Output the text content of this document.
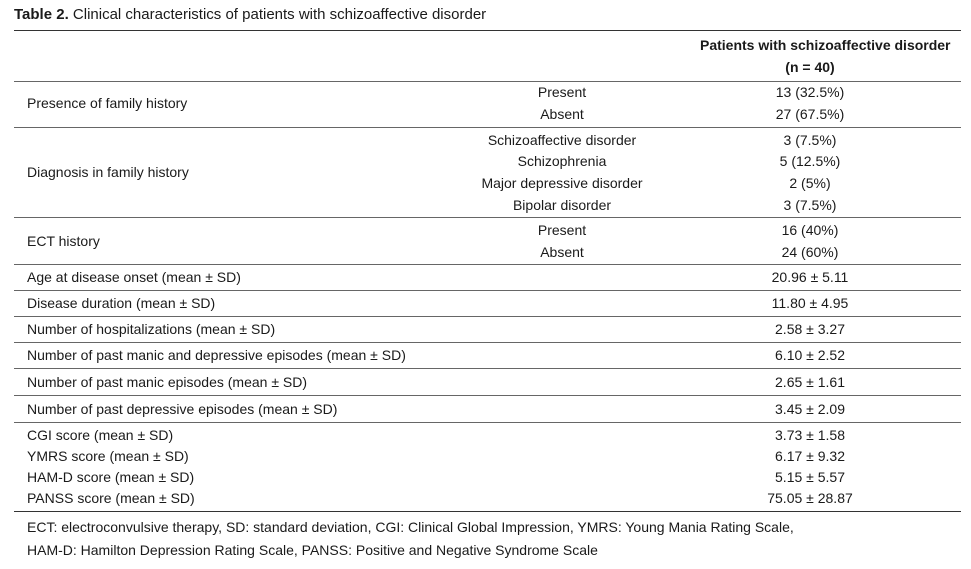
Table 2. Clinical characteristics of patients with schizoaffective disorder
Patients with schizoaffective disorder
(n = 40)
Presence of family history
Present	13 (32.5%)
Absent	27 (67.5%)
Diagnosis in family history
Schizoaffective disorder	3 (7.5%)
Schizophrenia	5 (12.5%)
Major depressive disorder	2 (5%)
Bipolar disorder	3 (7.5%)
ECT history
Present	16 (40%)
Absent	24 (60%)
Age at disease onset (mean ± SD)	20.96 ± 5.11
Disease duration (mean ± SD)	11.80 ± 4.95
Number of hospitalizations (mean ± SD)	2.58 ± 3.27
Number of past manic and depressive episodes (mean ± SD)	6.10 ± 2.52
Number of past manic episodes (mean ± SD)	2.65 ± 1.61
Number of past depressive episodes (mean ± SD)	3.45 ± 2.09
CGI score (mean ± SD)	3.73 ± 1.58
YMRS score (mean ± SD)	6.17 ± 9.32
HAM-D score (mean ± SD)	5.15 ± 5.57
PANSS score (mean ± SD)	75.05 ± 28.87
ECT: electroconvulsive therapy, SD: standard deviation, CGI: Clinical Global Impression, YMRS: Young Mania Rating Scale,
HAM-D: Hamilton Depression Rating Scale, PANSS: Positive and Negative Syndrome Scale
